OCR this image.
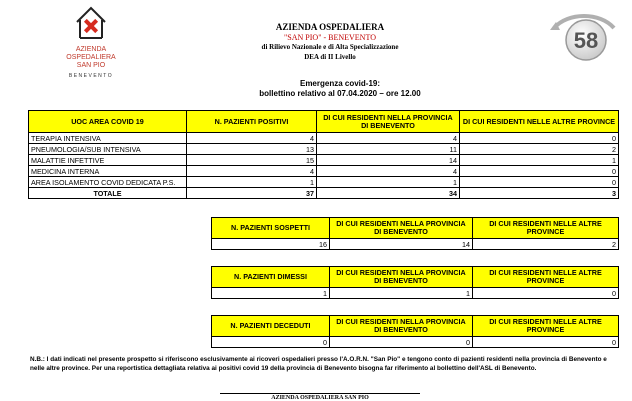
AZIENDA
OSPEDALIERA
SAN PIO
BENEVENTO
AZIENDA OSPEDALIERA
"SAN PIO" - BENEVENTO
di Rilievo Nazionale e di Alta Specializzazione
DEA di II Livello
58
Emergenza covid-19:
bollettino relativo al 07.04.2020 – ore 12.00
UOC AREA COVID 19	N. PAZIENTI POSITIVI	DI CUI RESIDENTI NELLA PROVINCIA DI BENEVENTO	DI CUI RESIDENTI NELLE ALTRE PROVINCE
TERAPIA INTENSIVA	4	4	0
PNEUMOLOGIA/SUB INTENSIVA	13	11	2
MALATTIE INFETTIVE	15	14	1
MEDICINA INTERNA	4	4	0
AREA ISOLAMENTO COVID DEDICATA P.S.	1	1	0
TOTALE	37	34	3
N. PAZIENTI SOSPETTI	DI CUI RESIDENTI NELLA PROVINCIA DI BENEVENTO	DI CUI RESIDENTI NELLE ALTRE PROVINCE
16	14	2
N. PAZIENTI DIMESSI	DI CUI RESIDENTI NELLA PROVINCIA DI BENEVENTO	DI CUI RESIDENTI NELLE ALTRE PROVINCE
1	1	0
N. PAZIENTI DECEDUTI	DI CUI RESIDENTI NELLA PROVINCIA DI BENEVENTO	DI CUI RESIDENTI NELLE ALTRE PROVINCE
0	0	0
N.B.: I dati indicati nel presente prospetto si riferiscono esclusivamente ai ricoveri ospedalieri presso l'A.O.R.N. "San Pio" e tengono conto di pazienti residenti nella provincia di Benevento e nelle altre province. Per una reportistica dettagliata relativa ai positivi covid 19 della provincia di Benevento bisogna far riferimento al bollettino dell'ASL di Benevento.
AZIENDA OSPEDALIERA SAN PIO
